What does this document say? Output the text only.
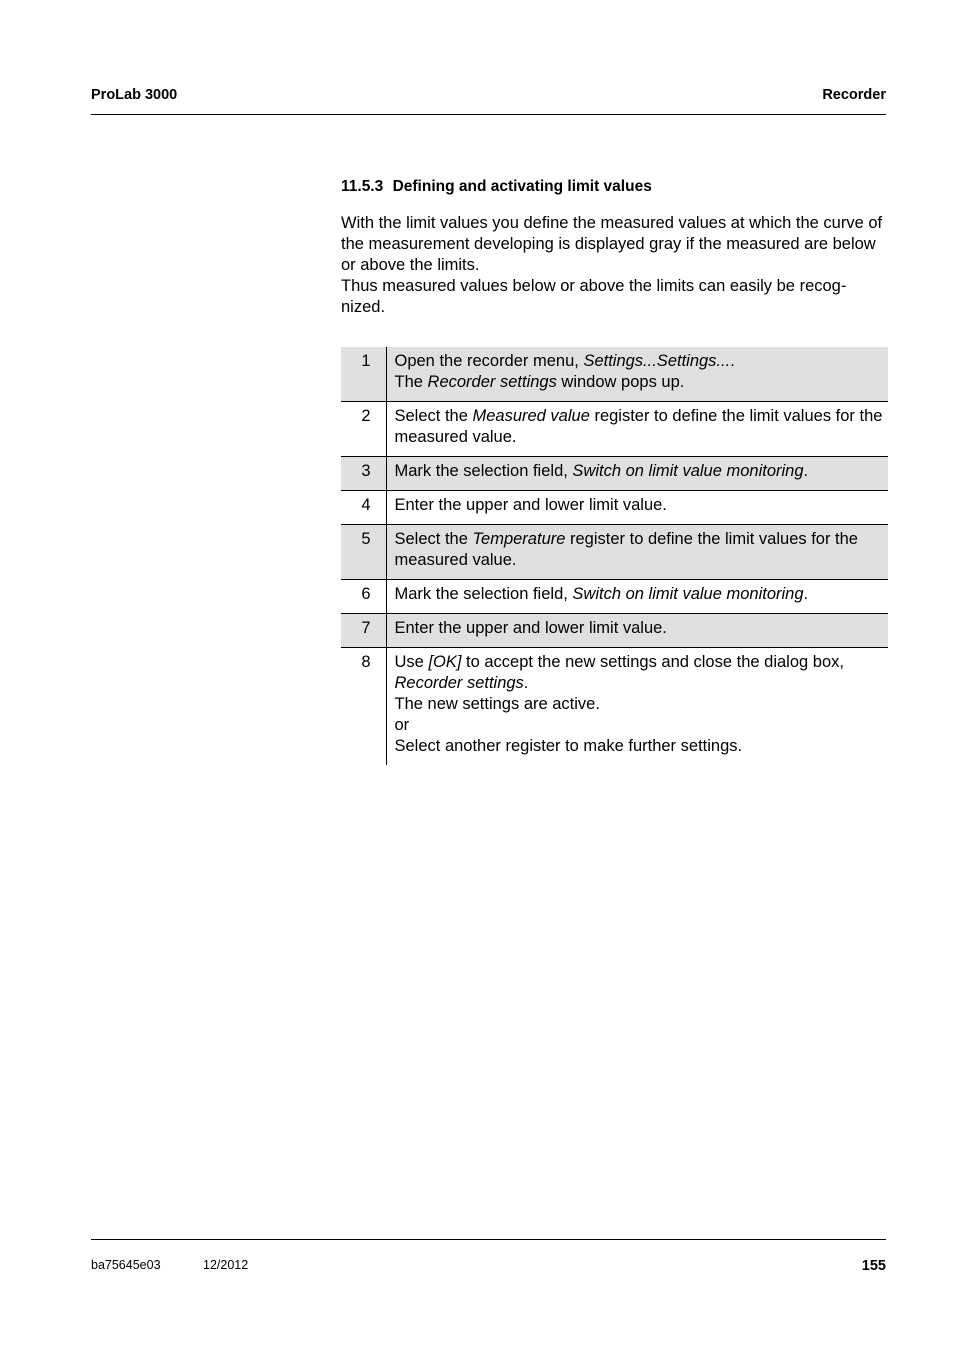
ProLab 3000	Recorder
11.5.3 Defining and activating limit values

With the limit values you define the measured values at which the curve of the measurement developing is displayed gray if the measured are below or above the limits.

Thus measured values below or above the limits can easily be recog-nized.

1	Open the recorder menu, Settings...Settings....
The Recorder settings window pops up.

2	Select the Measured value register to define the limit values for the measured value.

3	Mark the selection field, Switch on limit value monitoring.

4	Enter the upper and lower limit value.

5	Select the Temperature register to define the limit values for the measured value.

6	Mark the selection field, Switch on limit value monitoring.

7	Enter the upper and lower limit value.

8	Use [OK] to accept the new settings and close the dialog box, Recorder settings.
The new settings are active.
or
Select another register to make further settings.
ba75645e03	12/2012	155
